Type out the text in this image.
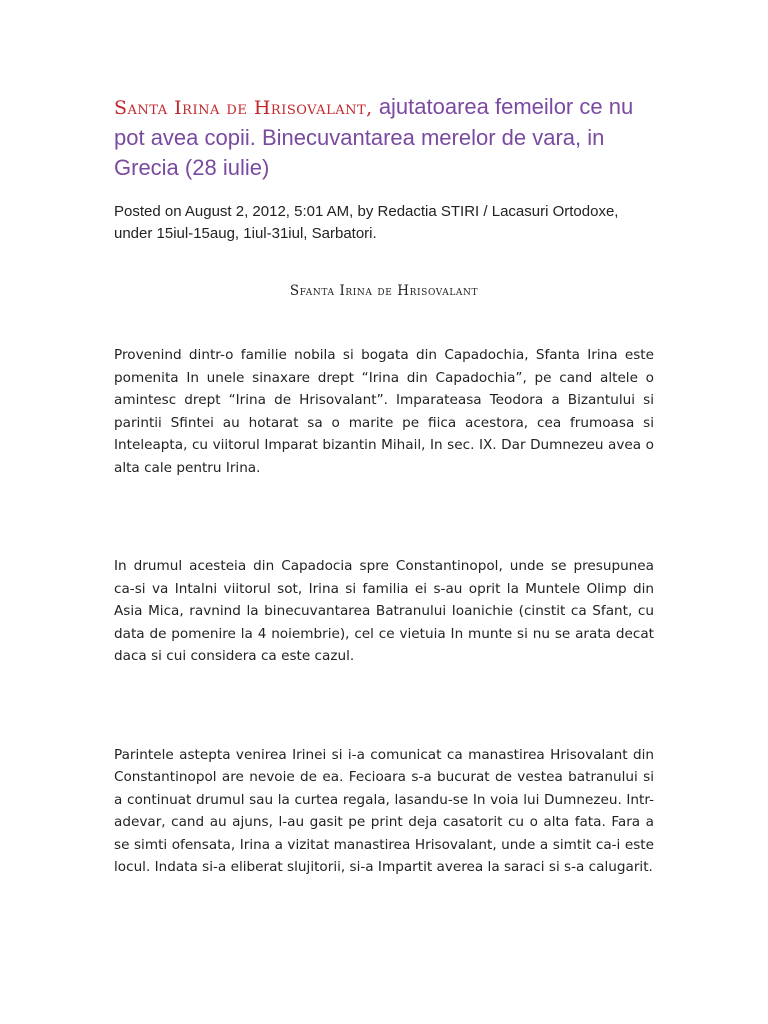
Santa Irina de Hrisovalant, ajutatoarea femeilor ce nu pot avea copii. Binecuvantarea merelor de vara, in Grecia (28 iulie)

Posted on August 2, 2012, 5:01 AM, by Redactia STIRI / Lacasuri Ortodoxe, under 15iul-15aug, 1iul-31iul, Sarbatori.

Sfanta Irina de Hrisovalant

Provenind dintr-o familie nobila si bogata din Capadochia, Sfanta Irina este pomenita In unele sinaxare drept “Irina din Capadochia”, pe cand altele o amintesc drept “Irina de Hrisovalant”. Imparateasa Teodora a Bizantului si parintii Sfintei au hotarat sa o marite pe fiica acestora, cea frumoasa si Inteleapta, cu viitorul Imparat bizantin Mihail, In sec. IX. Dar Dumnezeu avea o alta cale pentru Irina.

In drumul acesteia din Capadocia spre Constantinopol, unde se presupunea ca-si va Intalni viitorul sot, Irina si familia ei s-au oprit la Muntele Olimp din Asia Mica, ravnind la binecuvantarea Batranului Ioanichie (cinstit ca Sfant, cu data de pomenire la 4 noiembrie), cel ce vietuia In munte si nu se arata decat daca si cui considera ca este cazul.

Parintele astepta venirea Irinei si i-a comunicat ca manastirea Hrisovalant din Constantinopol are nevoie de ea. Fecioara s-a bucurat de vestea batranului si a continuat drumul sau la curtea regala, lasandu-se In voia lui Dumnezeu. Intr-adevar, cand au ajuns, l-au gasit pe print deja casatorit cu o alta fata. Fara a se simti ofensata, Irina a vizitat manastirea Hrisovalant, unde a simtit ca-i este locul. Indata si-a eliberat slujitorii, si-a Impartit averea la saraci si s-a calugarit.
